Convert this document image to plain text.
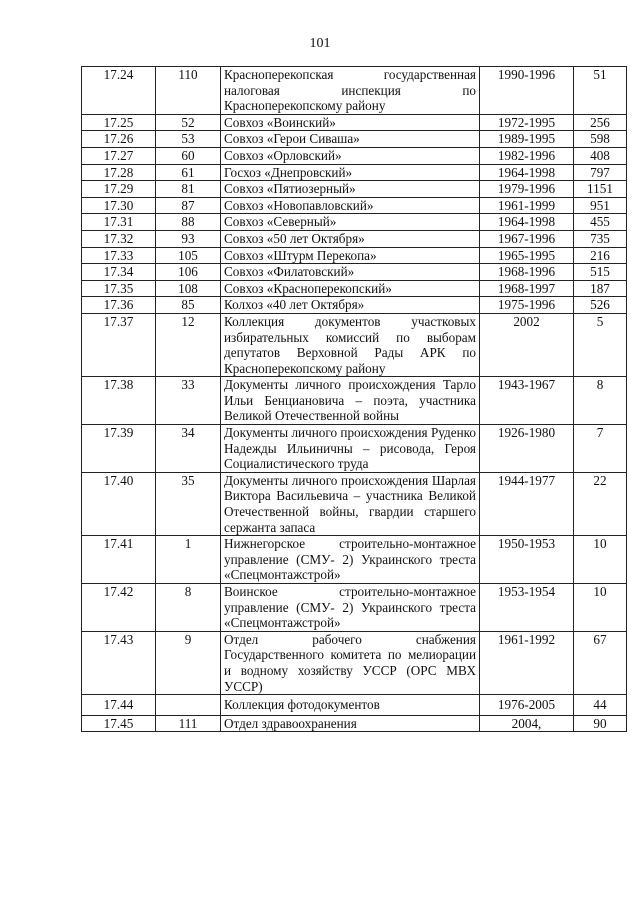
101
17.24	110	Красноперекопская государственная налоговая инспекция по Красноперекопскому району	1990-1996	51
17.25	52	Совхоз «Воинский»	1972-1995	256
17.26	53	Совхоз «Герои Сиваша»	1989-1995	598
17.27	60	Совхоз «Орловский»	1982-1996	408
17.28	61	Госхоз «Днепровский»	1964-1998	797
17.29	81	Совхоз «Пятиозерный»	1979-1996	1151
17.30	87	Совхоз «Новопавловский»	1961-1999	951
17.31	88	Совхоз «Северный»	1964-1998	455
17.32	93	Совхоз «50 лет Октября»	1967-1996	735
17.33	105	Совхоз «Штурм Перекопа»	1965-1995	216
17.34	106	Совхоз «Филатовский»	1968-1996	515
17.35	108	Совхоз «Красноперекопский»	1968-1997	187
17.36	85	Колхоз «40 лет Октября»	1975-1996	526
17.37	12	Коллекция документов участковых избирательных комиссий по выборам депутатов Верховной Рады АРК по Красноперекопскому району	2002	5
17.38	33	Документы личного происхождения Тарло Ильи Бенциановича – поэта, участника Великой Отечественной войны	1943-1967	8
17.39	34	Документы личного происхождения Руденко Надежды Ильиничны – рисовода, Героя Социалистического труда	1926-1980	7
17.40	35	Документы личного происхождения Шарлая Виктора Васильевича – участника Великой Отечественной войны, гвардии старшего сержанта запаса	1944-1977	22
17.41	1	Нижнегорское строительно-монтажное управление (СМУ- 2) Украинского треста «Спецмонтажстрой»	1950-1953	10
17.42	8	Воинское строительно-монтажное управление (СМУ- 2) Украинского треста «Спецмонтажстрой»	1953-1954	10
17.43	9	Отдел рабочего снабжения Государственного комитета по мелиорации и водному хозяйству УССР (ОРС МВХ УССР)	1961-1992	67
17.44		Коллекция фотодокументов	1976-2005	44
17.45	111	Отдел здравоохранения	2004,	90
